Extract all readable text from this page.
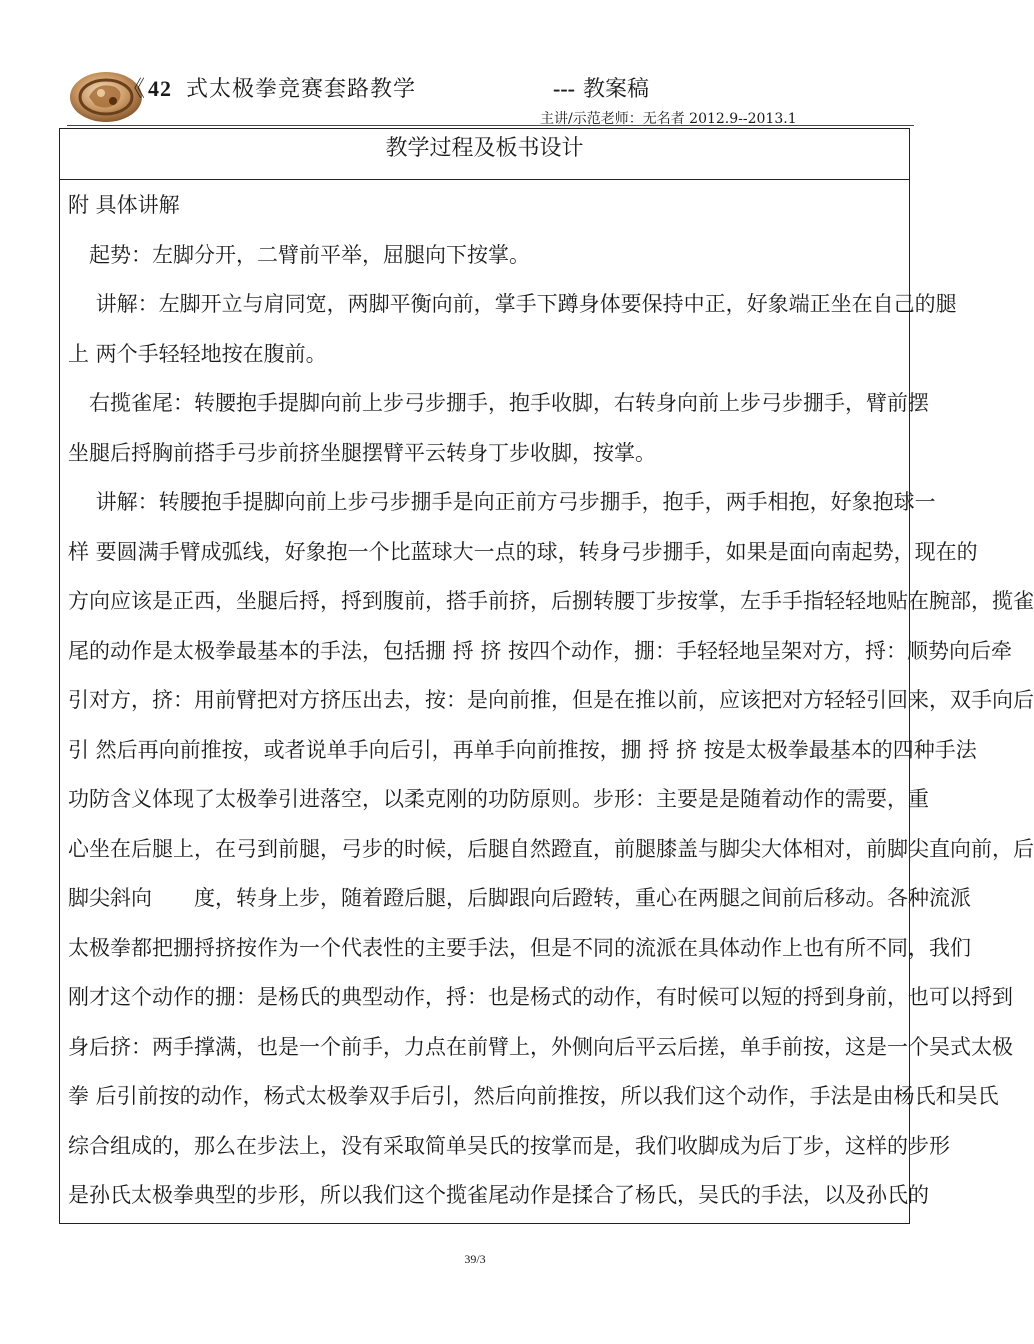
《 42 式太极拳竞赛套路教学	--- 教案稿
主讲/示范老师：无名者 2012.9--2013.1
教学过程及板书设计
附 具体讲解
　起势：左脚分开，二臂前平举，屈腿向下按掌。
　 讲解：左脚开立与肩同宽，两脚平衡向前，掌手下蹲身体要保持中正，好象端正坐在自己的腿
上 两个手轻轻地按在腹前。
　右揽雀尾：转腰抱手提脚向前上步弓步掤手，抱手收脚，右转身向前上步弓步掤手，臂前摆
坐腿后捋胸前搭手弓步前挤坐腿摆臂平云转身丁步收脚，按掌。
　 讲解：转腰抱手提脚向前上步弓步掤手是向正前方弓步掤手，抱手，两手相抱，好象抱球一
样 要圆满手臂成弧线，好象抱一个比蓝球大一点的球，转身弓步掤手，如果是面向南起势，现在的
方向应该是正西，坐腿后捋，捋到腹前，搭手前挤，后捌转腰丁步按掌，左手手指轻轻地贴在腕部，揽雀
尾的动作是太极拳最基本的手法，包括掤 捋 挤 按四个动作，掤：手轻轻地呈架对方，捋：顺势向后牵
引对方，挤：用前臂把对方挤压出去，按：是向前推，但是在推以前，应该把对方轻轻引回来，双手向后
引 然后再向前推按，或者说单手向后引，再单手向前推按，掤 捋 挤 按是太极拳最基本的四种手法
功防含义体现了太极拳引进落空，以柔克刚的功防原则。步形：主要是是随着动作的需要，重
心坐在后腿上，在弓到前腿，弓步的时候，后腿自然蹬直，前腿膝盖与脚尖大体相对，前脚尖直向前，后
脚尖斜向　　度，转身上步，随着蹬后腿，后脚跟向后蹬转，重心在两腿之间前后移动。各种流派
太极拳都把掤捋挤按作为一个代表性的主要手法，但是不同的流派在具体动作上也有所不同，我们
刚才这个动作的掤：是杨氏的典型动作，捋：也是杨式的动作，有时候可以短的捋到身前，也可以捋到
身后挤：两手撑满，也是一个前手，力点在前臂上，外侧向后平云后搓，单手前按，这是一个吴式太极
拳 后引前按的动作，杨式太极拳双手后引，然后向前推按，所以我们这个动作，手法是由杨氏和吴氏
综合组成的，那么在步法上，没有采取简单吴氏的按掌而是，我们收脚成为后丁步，这样的步形
是孙氏太极拳典型的步形，所以我们这个揽雀尾动作是揉合了杨氏，吴氏的手法，以及孙氏的
39/3
